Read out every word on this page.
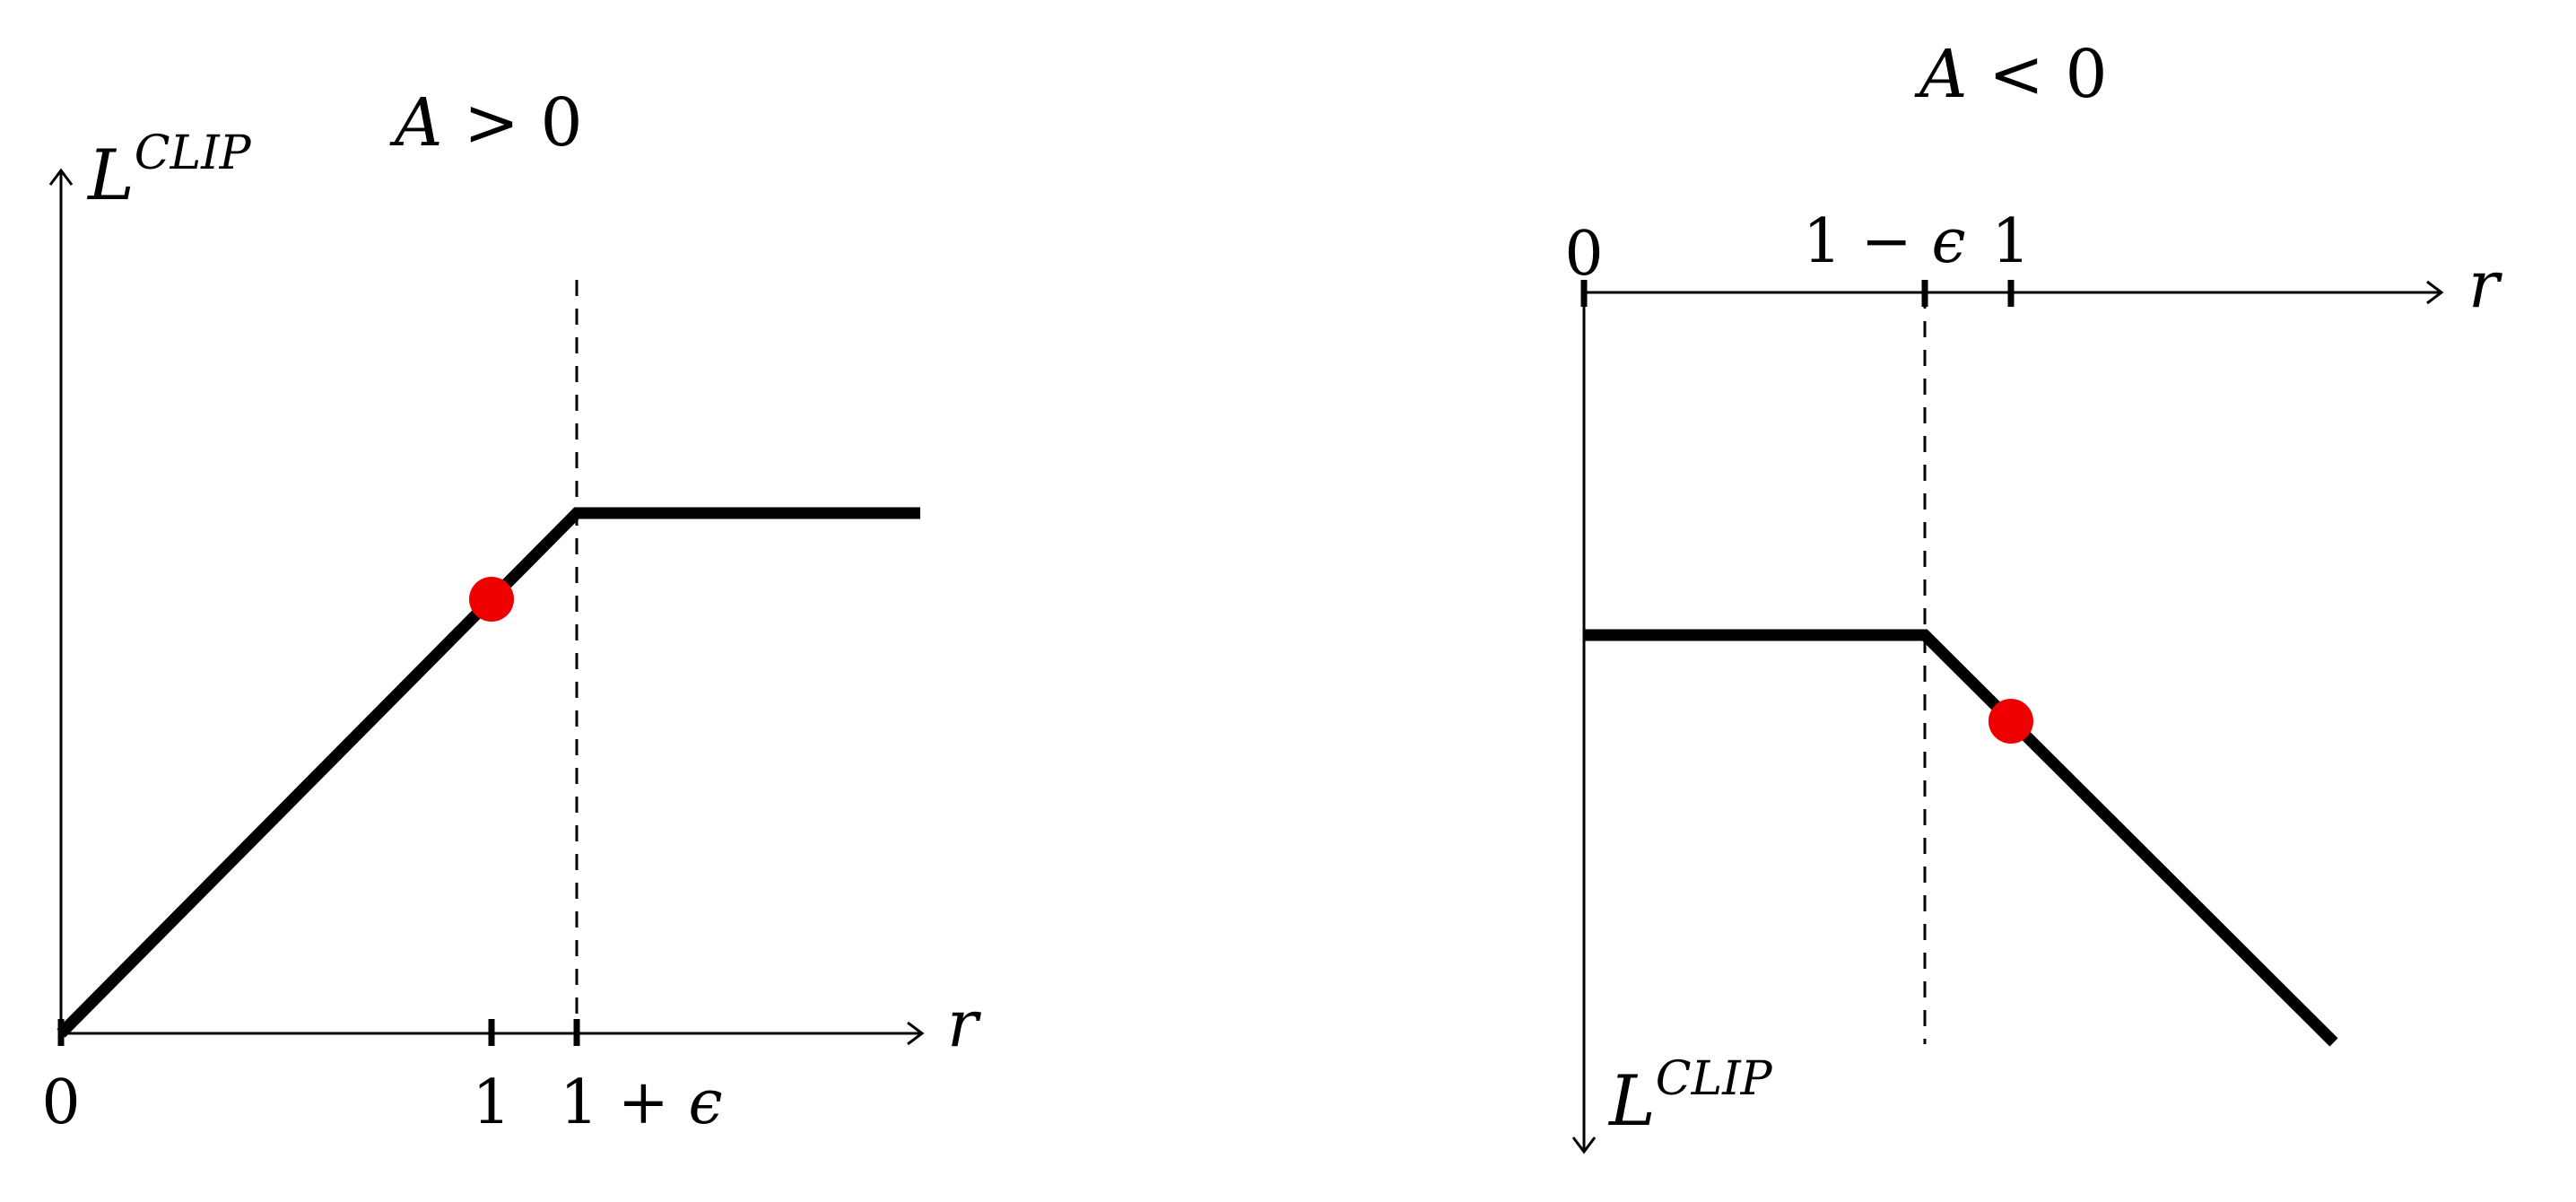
A > 0
$L^{CLIP}$
r
0	1 1 + ϵ
A < 0
0	1 − ϵ 1
r
$L^{CLIP}$
